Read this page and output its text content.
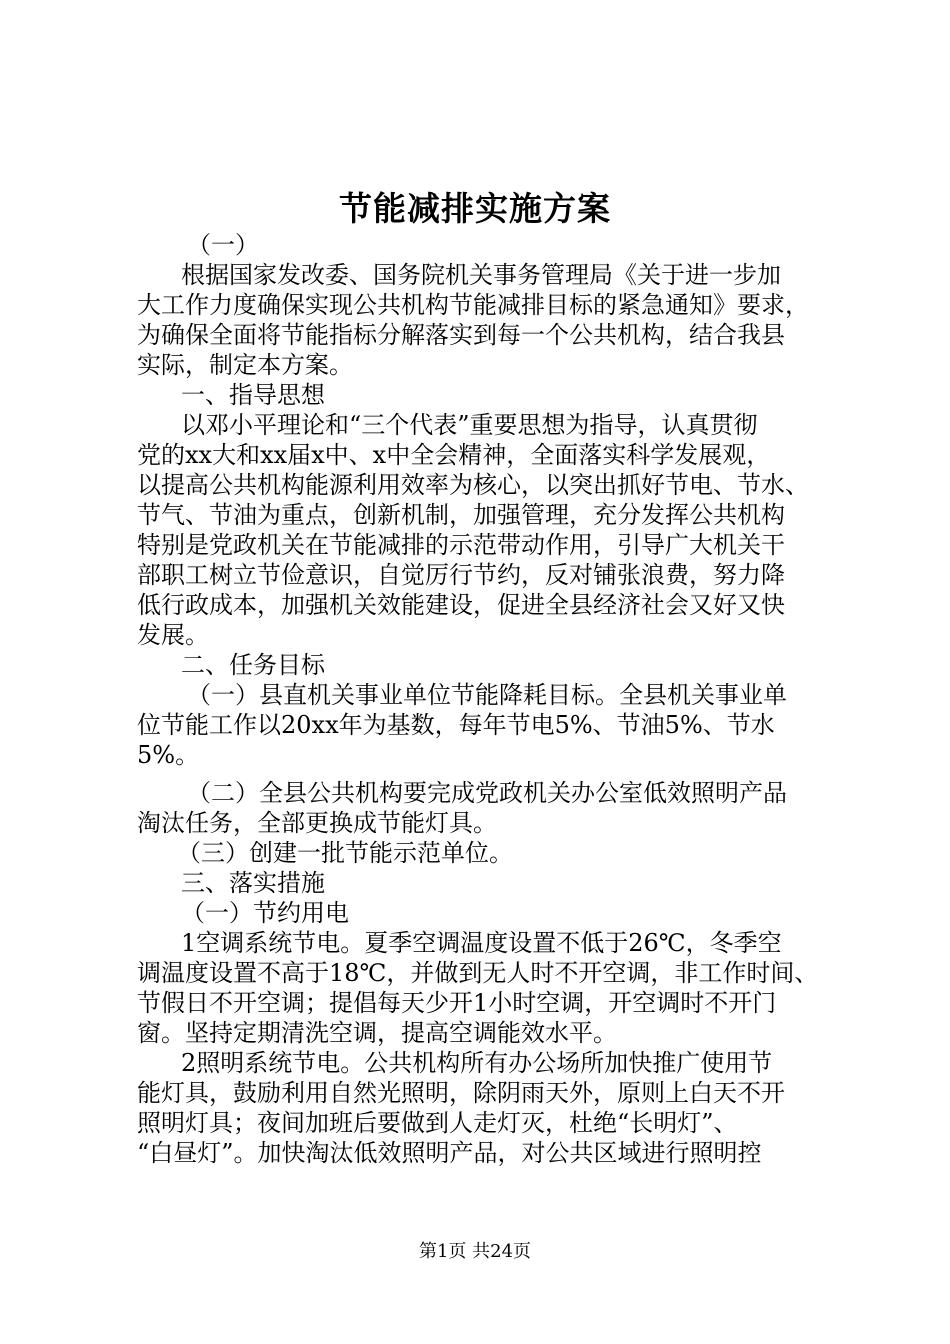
节能减排实施方案
（一）
根据国家发改委、国务院机关事务管理局《关于进一步加
大工作力度确保实现公共机构节能减排目标的紧急通知》要求，
为确保全面将节能指标分解落实到每一个公共机构，结合我县
实际，制定本方案。
一、指导思想
以邓小平理论和“三个代表”重要思想为指导，认真贯彻
党的xx大和xx届x中、x中全会精神，全面落实科学发展观，
以提高公共机构能源利用效率为核心，以突出抓好节电、节水、
节气、节油为重点，创新机制，加强管理，充分发挥公共机构
特别是党政机关在节能减排的示范带动作用，引导广大机关干
部职工树立节俭意识，自觉厉行节约，反对铺张浪费，努力降
低行政成本，加强机关效能建设，促进全县经济社会又好又快
发展。
二、任务目标
（一）县直机关事业单位节能降耗目标。全县机关事业单
位节能工作以20xx年为基数，每年节电5%、节油5%、节水
5%。
（二）全县公共机构要完成党政机关办公室低效照明产品
淘汰任务，全部更换成节能灯具。
（三）创建一批节能示范单位。
三、落实措施
（一）节约用电
1空调系统节电。夏季空调温度设置不低于26℃，冬季空
调温度设置不高于18℃，并做到无人时不开空调，非工作时间、
节假日不开空调；提倡每天少开1小时空调，开空调时不开门
窗。坚持定期清洗空调，提高空调能效水平。
2照明系统节电。公共机构所有办公场所加快推广使用节
能灯具，鼓励利用自然光照明，除阴雨天外，原则上白天不开
照明灯具；夜间加班后要做到人走灯灭，杜绝“长明灯”、
“白昼灯”。加快淘汰低效照明产品，对公共区域进行照明控
第1页 共24页
